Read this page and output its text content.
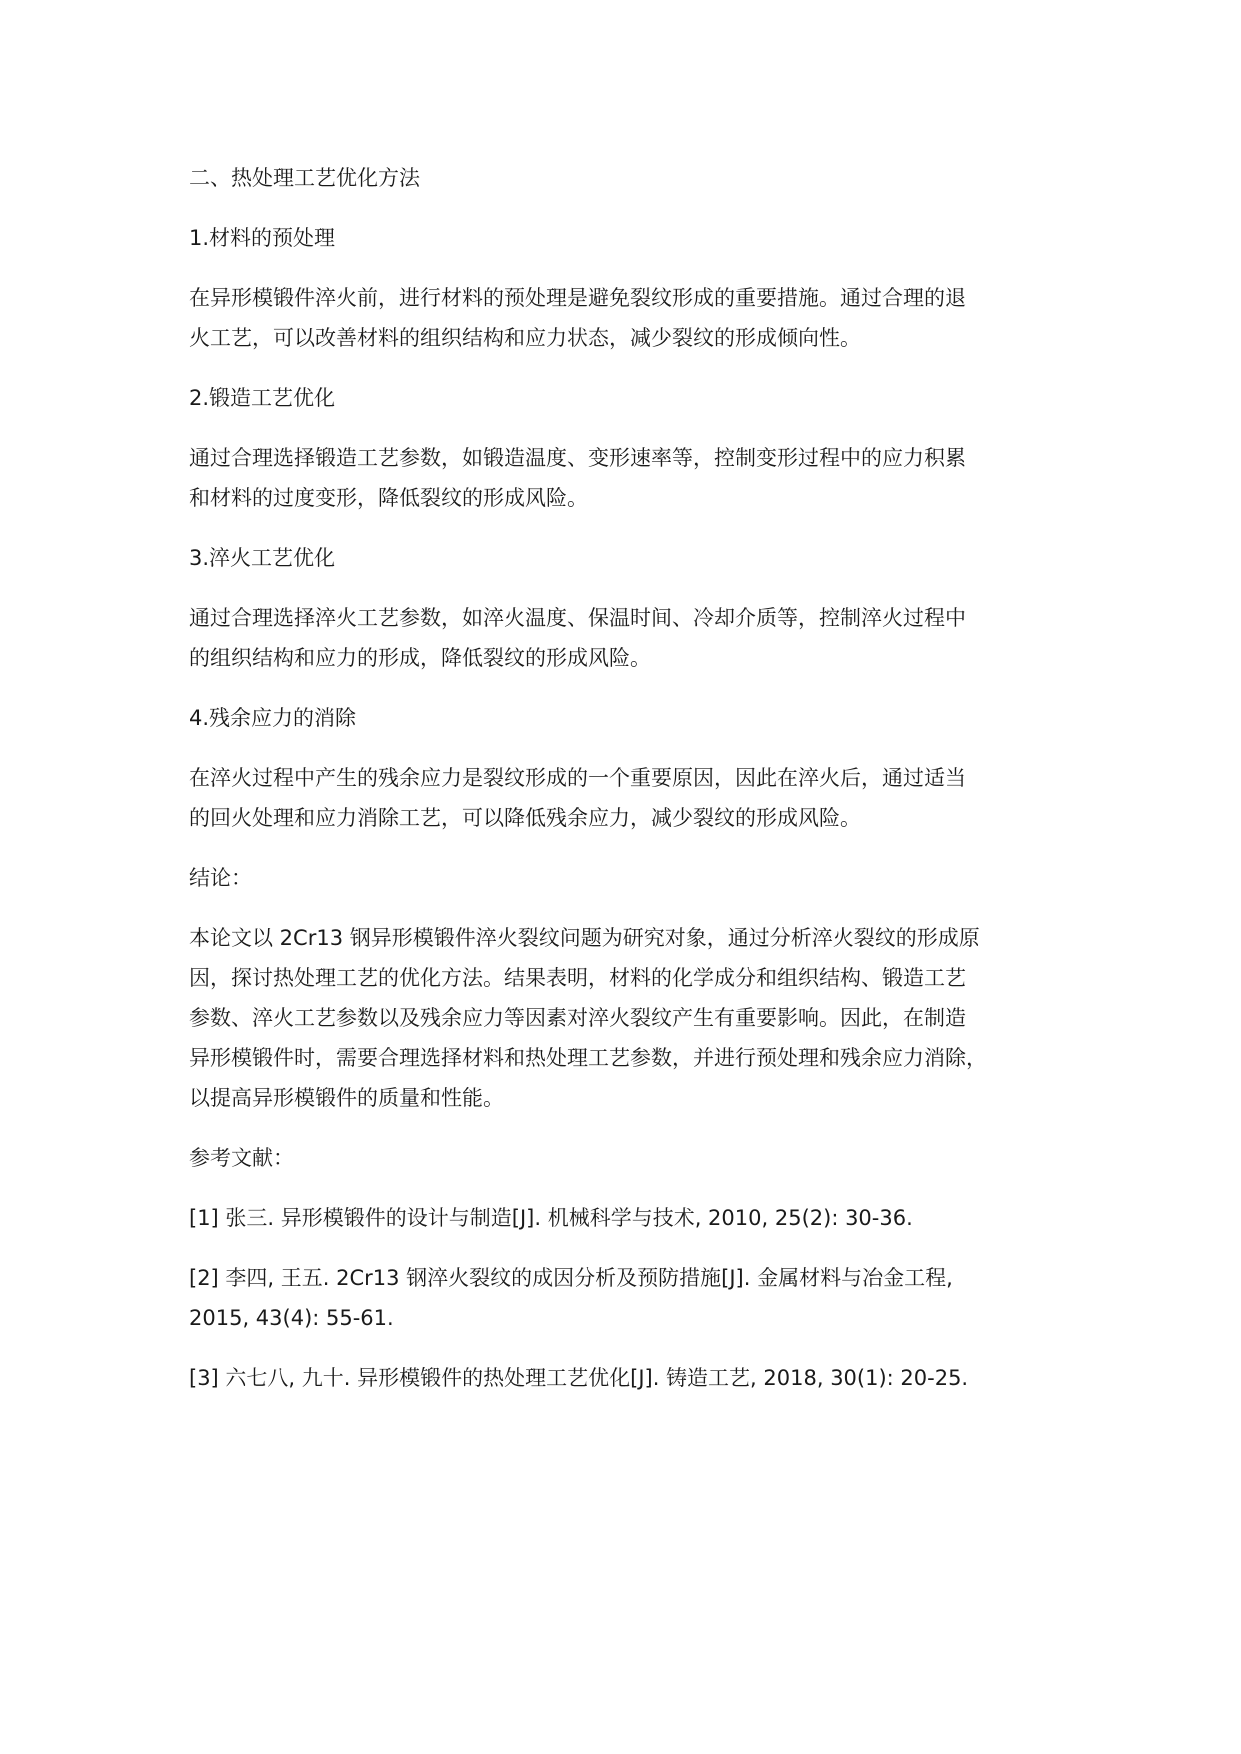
二、热处理工艺优化方法

1.材料的预处理

在异形模锻件淬火前，进行材料的预处理是避免裂纹形成的重要措施。通过合理的退

火工艺，可以改善材料的组织结构和应力状态，减少裂纹的形成倾向性。

2.锻造工艺优化

通过合理选择锻造工艺参数，如锻造温度、变形速率等，控制变形过程中的应力积累

和材料的过度变形，降低裂纹的形成风险。

3.淬火工艺优化

通过合理选择淬火工艺参数，如淬火温度、保温时间、冷却介质等，控制淬火过程中

的组织结构和应力的形成，降低裂纹的形成风险。

4.残余应力的消除

在淬火过程中产生的残余应力是裂纹形成的一个重要原因，因此在淬火后，通过适当

的回火处理和应力消除工艺，可以降低残余应力，减少裂纹的形成风险。

结论：

本论文以 2Cr13 钢异形模锻件淬火裂纹问题为研究对象，通过分析淬火裂纹的形成原

因，探讨热处理工艺的优化方法。结果表明，材料的化学成分和组织结构、锻造工艺

参数、淬火工艺参数以及残余应力等因素对淬火裂纹产生有重要影响。因此，在制造

异形模锻件时，需要合理选择材料和热处理工艺参数，并进行预处理和残余应力消除，

以提高异形模锻件的质量和性能。

参考文献：

[1] 张三. 异形模锻件的设计与制造[J]. 机械科学与技术, 2010, 25(2): 30-36.

[2] 李四, 王五. 2Cr13 钢淬火裂纹的成因分析及预防措施[J]. 金属材料与冶金工程,

2015, 43(4): 55-61.

[3] 六七八, 九十. 异形模锻件的热处理工艺优化[J]. 铸造工艺, 2018, 30(1): 20-25.
